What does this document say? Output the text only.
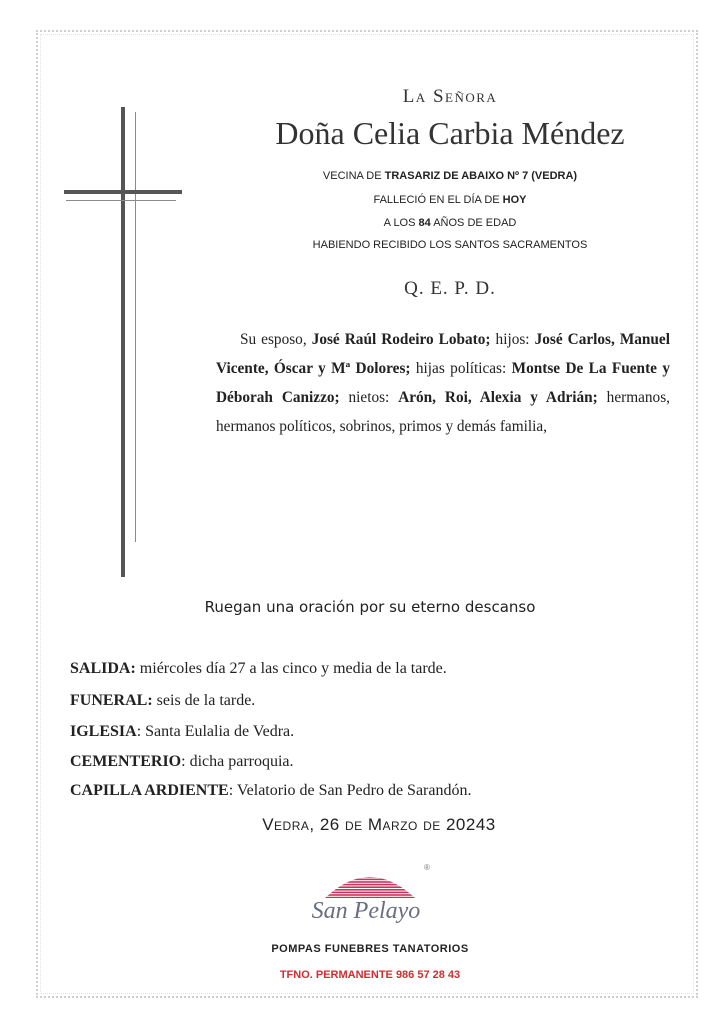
La Señora
Doña Celia Carbia Méndez
VECINA DE TRASARIZ DE ABAIXO Nº 7 (VEDRA)
FALLECIÓ EN EL DÍA DE HOY
A LOS 84 AÑOS DE EDAD
HABIENDO RECIBIDO LOS SANTOS SACRAMENTOS
Q. E. P. D.
Su esposo, José Raúl Rodeiro Lobato; hijos: José Carlos, Manuel Vicente, Óscar y Mª Dolores; hijas políticas: Montse De La Fuente y Déborah Canizzo; nietos: Arón, Roi, Alexia y Adrián; hermanos, hermanos políticos, sobrinos, primos y demás familia,
Ruegan una oración por su eterno descanso
SALIDA: miércoles día 27 a las cinco y media de la tarde.
FUNERAL: seis de la tarde.
IGLESIA: Santa Eulalia de Vedra.
CEMENTERIO: dicha parroquia.
CAPILLA ARDIENTE: Velatorio de San Pedro de Sarandón.
Vedra, 26 de Marzo de 20243
®
San Pelayo
POMPAS FUNEBRES TANATORIOS
TFNO. PERMANENTE 986 57 28 43
